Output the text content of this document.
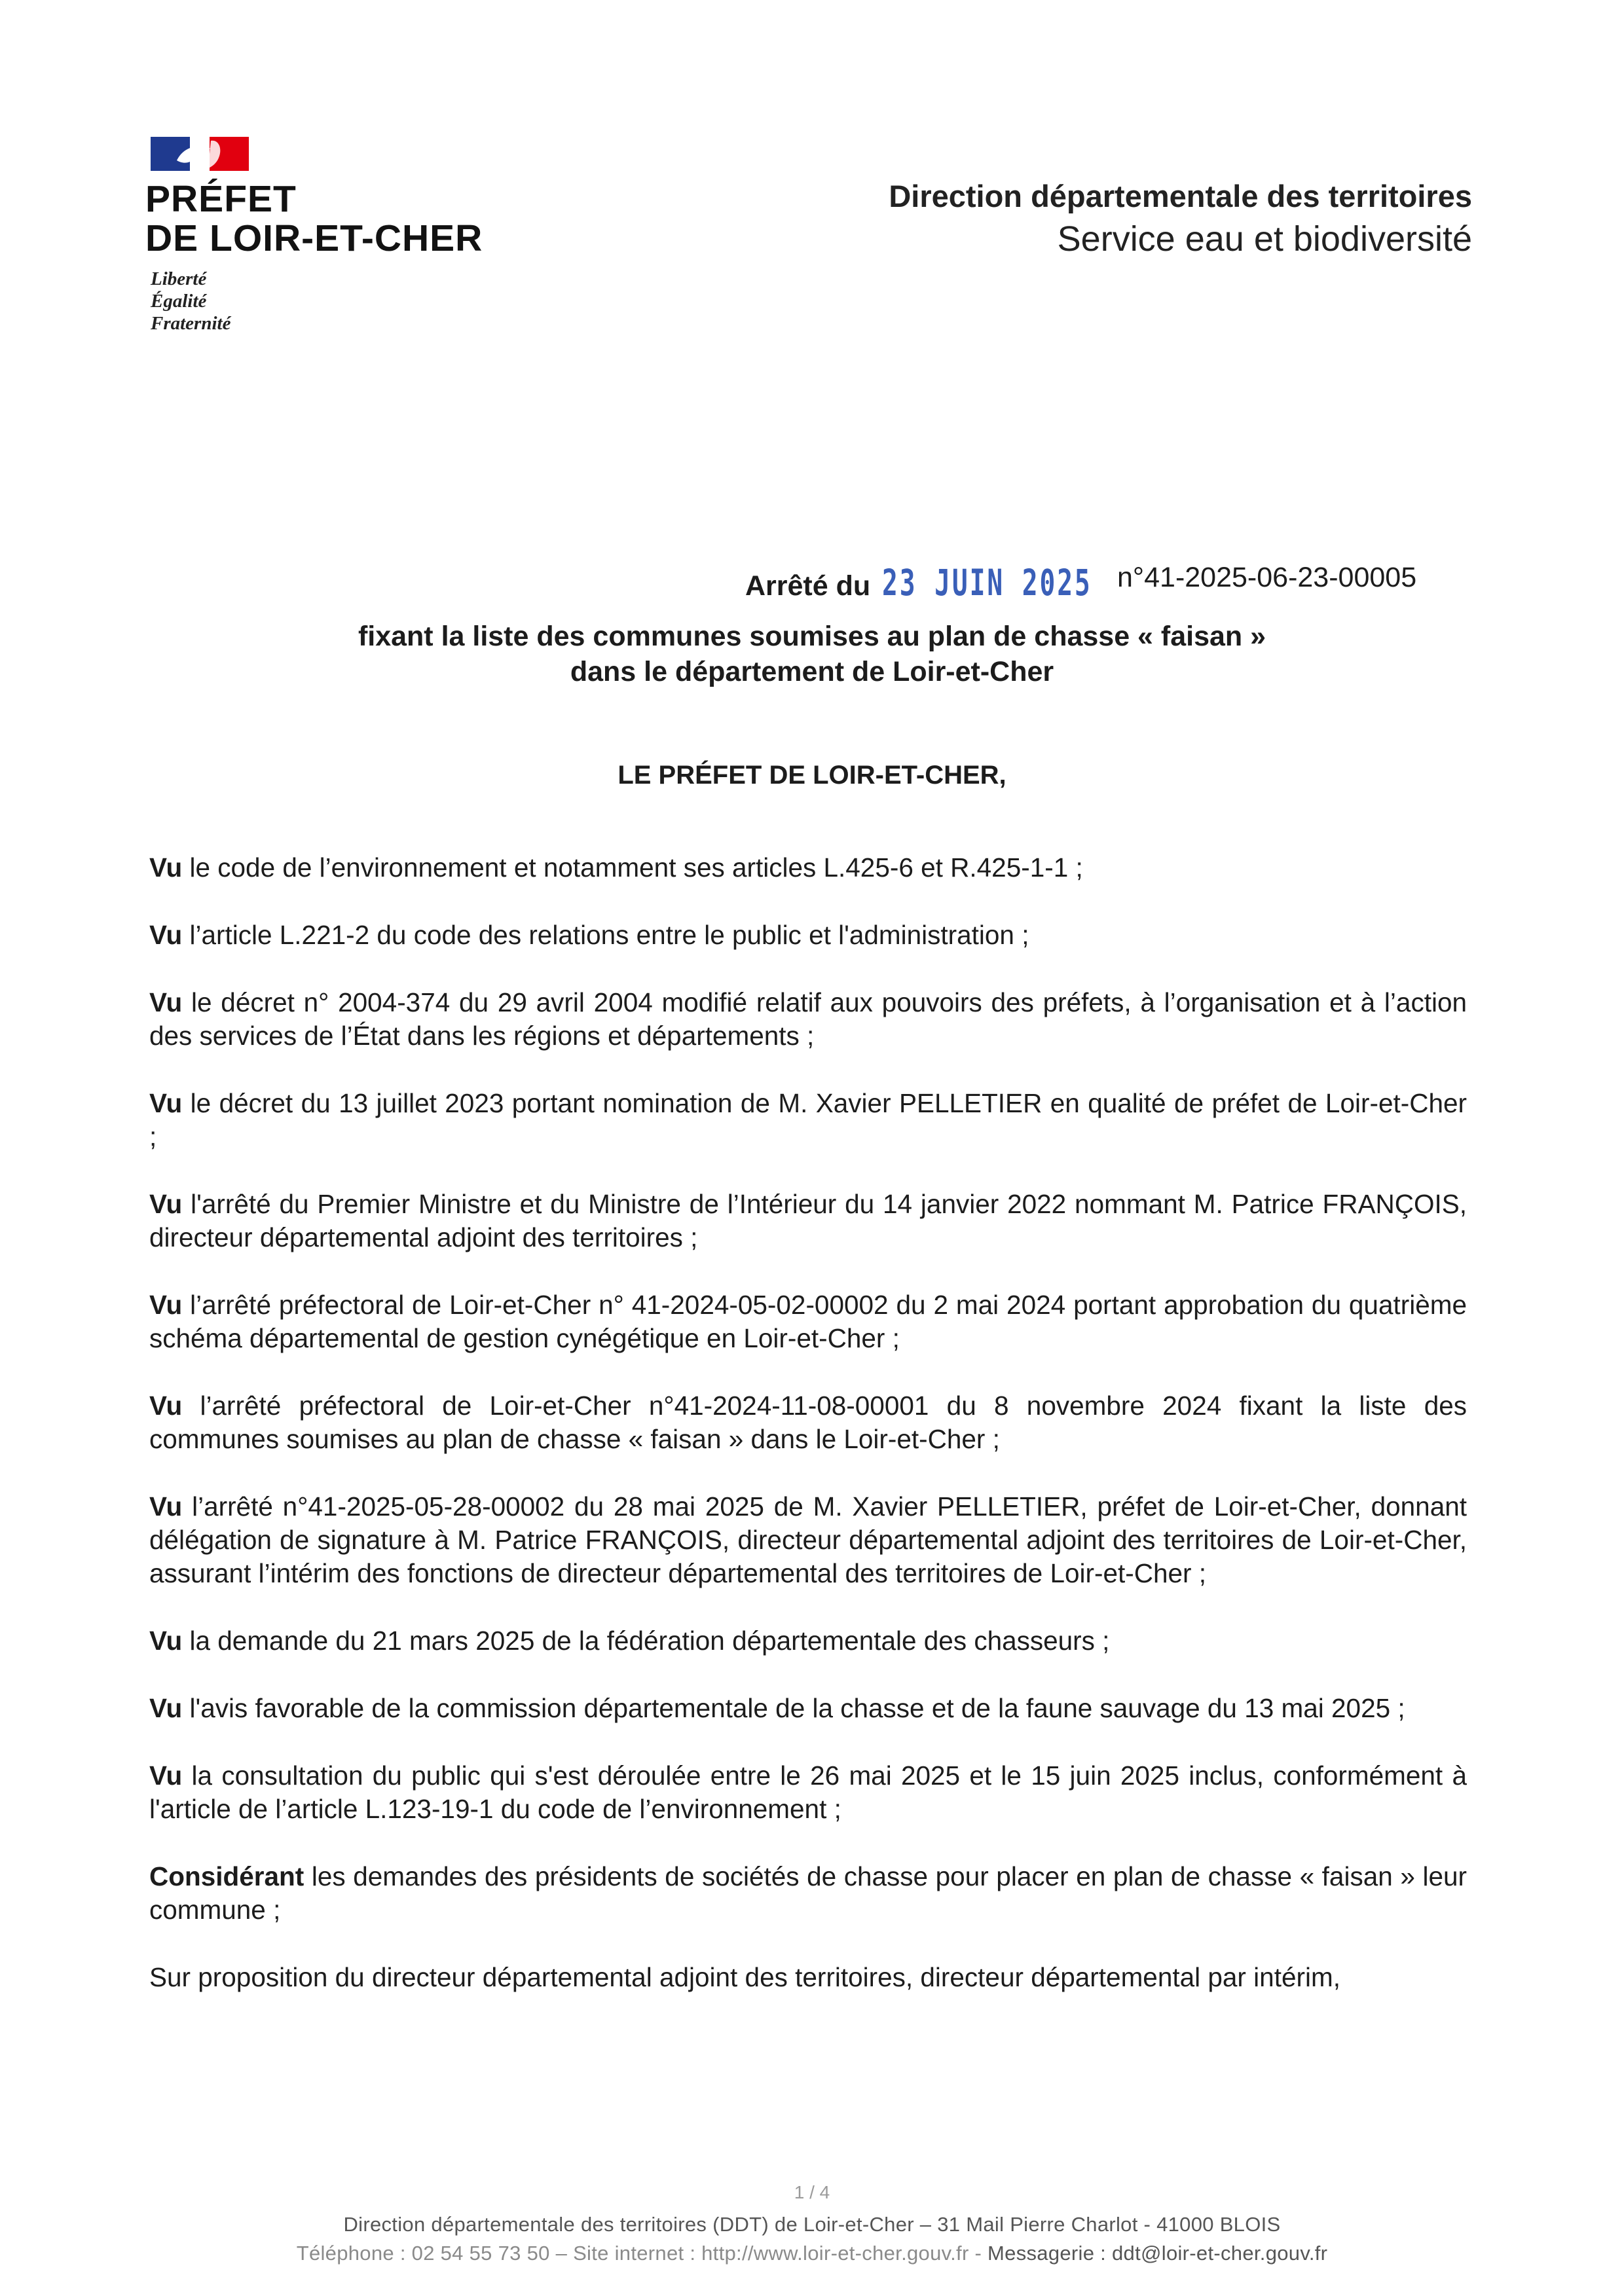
PRÉFET
DE LOIR-ET-CHER
Liberté
Égalité
Fraternité
Direction départementale des territoires
Service eau et biodiversité
Arrêté du 23 JUIN 2025 n°41-2025-06-23-00005
fixant la liste des communes soumises au plan de chasse « faisan »
dans le département de Loir-et-Cher
LE PRÉFET DE LOIR-ET-CHER,
Vu le code de l’environnement et notamment ses articles L.425-6 et R.425-1-1 ;
Vu l’article L.221-2 du code des relations entre le public et l'administration ;
Vu le décret n° 2004-374 du 29 avril 2004 modifié relatif aux pouvoirs des préfets, à l’organisation et à l’action des services de l’État dans les régions et départements ;
Vu le décret du 13 juillet 2023 portant nomination de M. Xavier PELLETIER en qualité de préfet de Loir-et-Cher ;
Vu l'arrêté du Premier Ministre et du Ministre de l’Intérieur du 14 janvier 2022 nommant M. Patrice FRANÇOIS, directeur départemental adjoint des territoires ;
Vu l’arrêté préfectoral de Loir-et-Cher n° 41-2024-05-02-00002 du 2 mai 2024 portant approbation du quatrième schéma départemental de gestion cynégétique en Loir-et-Cher ;
Vu l’arrêté préfectoral de Loir-et-Cher n°41-2024-11-08-00001 du 8 novembre 2024 fixant la liste des communes soumises au plan de chasse « faisan » dans le Loir-et-Cher ;
Vu l’arrêté n°41-2025-05-28-00002 du 28 mai 2025 de M. Xavier PELLETIER, préfet de Loir-et-Cher, donnant délégation de signature à M. Patrice FRANÇOIS, directeur départemental adjoint des territoires de Loir-et-Cher, assurant l’intérim des fonctions de directeur départemental des territoires de Loir-et-Cher ;
Vu la demande du 21 mars 2025 de la fédération départementale des chasseurs ;
Vu l'avis favorable de la commission départementale de la chasse et de la faune sauvage du 13 mai 2025 ;
Vu la consultation du public qui s'est déroulée entre le 26 mai 2025 et le 15 juin 2025 inclus, conformément à l'article de l’article L.123-19-1 du code de l’environnement ;
Considérant les demandes des présidents de sociétés de chasse pour placer en plan de chasse « faisan » leur commune ;
Sur proposition du directeur départemental adjoint des territoires, directeur départemental par intérim,
1 / 4
Direction départementale des territoires (DDT) de Loir-et-Cher – 31 Mail Pierre Charlot - 41000 BLOIS
Téléphone : 02 54 55 73 50 – Site internet : http://www.loir-et-cher.gouv.fr - Messagerie : ddt@loir-et-cher.gouv.fr
